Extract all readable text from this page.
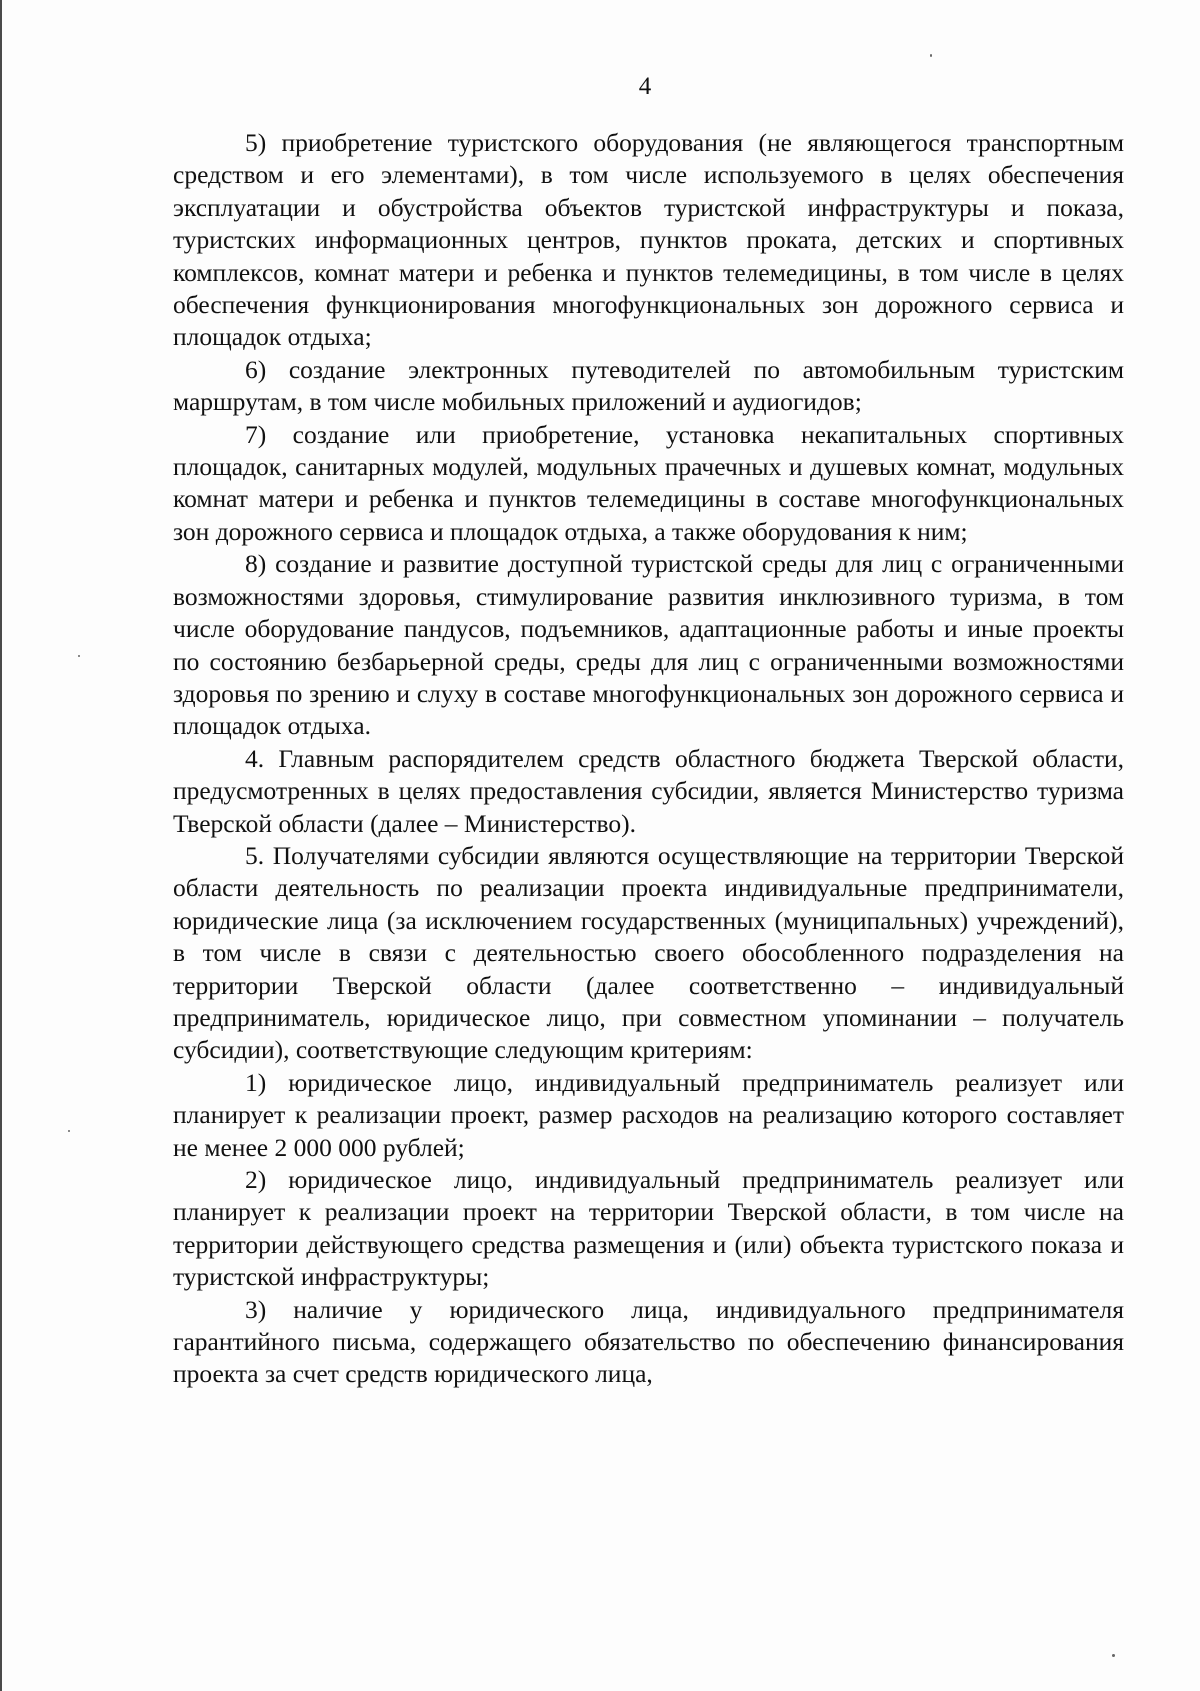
4

5) приобретение туристского оборудования (не являющегося транспортным средством и его элементами), в том числе используемого в целях обеспечения эксплуатации и обустройства объектов туристской инфраструктуры и показа, туристских информационных центров, пунктов проката, детских и спортивных комплексов, комнат матери и ребенка и пунктов телемедицины, в том числе в целях обеспечения функционирования многофункциональных зон дорожного сервиса и площадок отдыха;

6) создание электронных путеводителей по автомобильным туристским маршрутам, в том числе мобильных приложений и аудиогидов;

7) создание или приобретение, установка некапитальных спортивных площадок, санитарных модулей, модульных прачечных и душевых комнат, модульных комнат матери и ребенка и пунктов телемедицины в составе многофункциональных зон дорожного сервиса и площадок отдыха, а также оборудования к ним;

8) создание и развитие доступной туристской среды для лиц с ограниченными возможностями здоровья, стимулирование развития инклюзивного туризма, в том числе оборудование пандусов, подъемников, адаптационные работы и иные проекты по состоянию безбарьерной среды, среды для лиц с ограниченными возможностями здоровья по зрению и слуху в составе многофункциональных зон дорожного сервиса и площадок отдыха.

4. Главным распорядителем средств областного бюджета Тверской области, предусмотренных в целях предоставления субсидии, является Министерство туризма Тверской области (далее – Министерство).

5. Получателями субсидии являются осуществляющие на территории Тверской области деятельность по реализации проекта индивидуальные предприниматели, юридические лица (за исключением государственных (муниципальных) учреждений), в том числе в связи с деятельностью своего обособленного подразделения на территории Тверской области (далее соответственно – индивидуальный предприниматель, юридическое лицо, при совместном упоминании – получатель субсидии), соответствующие следующим критериям:

1) юридическое лицо, индивидуальный предприниматель реализует или планирует к реализации проект, размер расходов на реализацию которого составляет не менее 2 000 000 рублей;

2) юридическое лицо, индивидуальный предприниматель реализует или планирует к реализации проект на территории Тверской области, в том числе на территории действующего средства размещения и (или) объекта туристского показа и туристской инфраструктуры;

3) наличие у юридического лица, индивидуального предпринимателя гарантийного письма, содержащего обязательство по обеспечению финансирования проекта за счет средств юридического лица,
